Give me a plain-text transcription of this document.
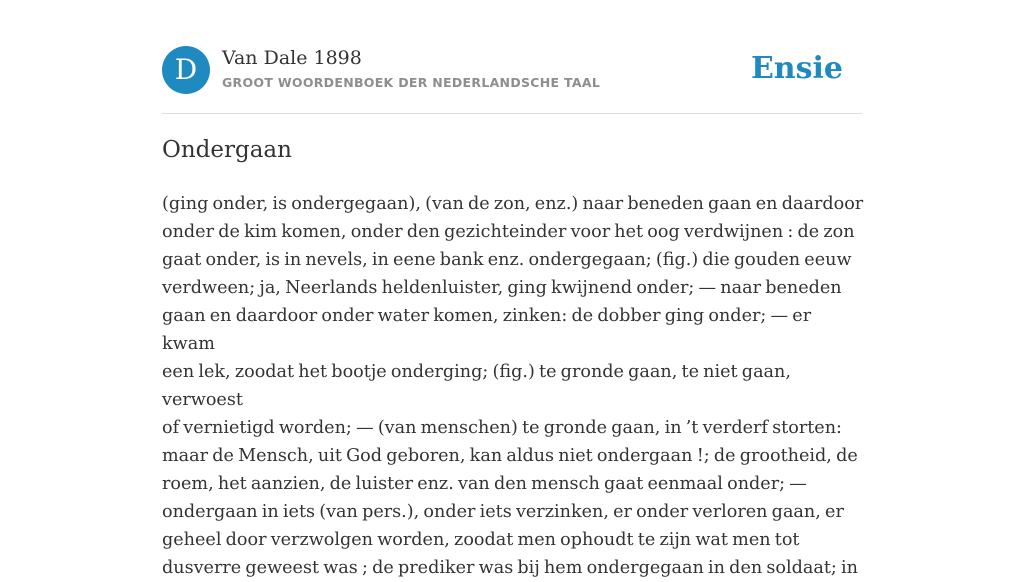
D	Van Dale 1898
GROOT WOORDENBOEK DER NEDERLANDSCHE TAAL	Ensie
Ondergaan
(ging onder, is ondergegaan), (van de zon, enz.) naar beneden gaan en daardoor
onder de kim komen, onder den gezichteinder voor het oog verdwijnen : de zon
gaat onder, is in nevels, in eene bank enz. ondergegaan; (fig.) die gouden eeuw
verdween; ja, Neerlands heldenluister, ging kwijnend onder; — naar beneden
gaan en daardoor onder water komen, zinken: de dobber ging onder; — er kwam
een lek, zoodat het bootje onderging; (fig.) te gronde gaan, te niet gaan, verwoest
of vernietigd worden; — (van menschen) te gronde gaan, in ’t verderf storten:
maar de Mensch, uit God geboren, kan aldus niet ondergaan !; de grootheid, de
roem, het aanzien, de luister enz. van den mensch gaat eenmaal onder; —
ondergaan in iets (van pers.), onder iets verzinken, er onder verloren gaan, er
geheel door verzwolgen worden, zoodat men ophoudt te zijn wat men tot
dusverre geweest was ; de prediker was bij hem ondergegaan in den soldaat; in
